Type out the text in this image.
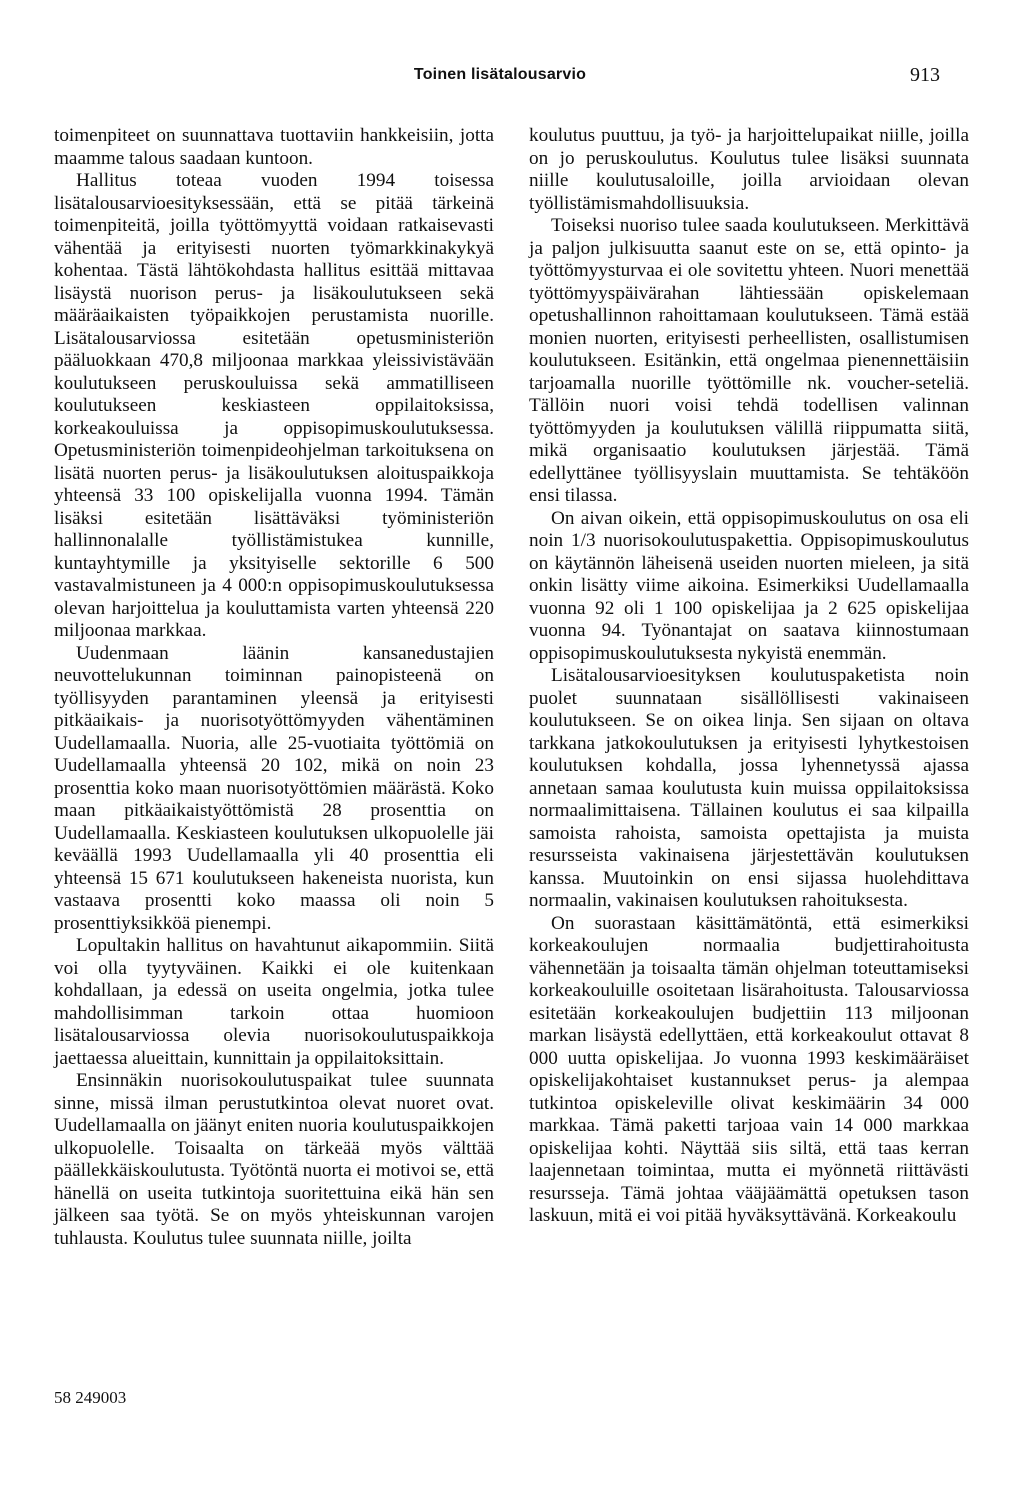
Toinen lisätalousarvio	913

toimenpiteet on suunnattava tuottaviin hankkeisiin, jotta maamme talous saadaan kuntoon.

Hallitus toteaa vuoden 1994 toisessa lisätalousarvioesityksessään, että se pitää tärkeinä toimenpiteitä, joilla työttömyyttä voidaan ratkaisevasti vähentää ja erityisesti nuorten työmarkkinakykyä kohentaa. Tästä lähtökohdasta hallitus esittää mittavaa lisäystä nuorison perus- ja lisäkoulutukseen sekä määräaikaisten työpaikkojen perustamista nuorille. Lisätalousarviossa esitetään opetusministeriön pääluokkaan 470,8 miljoonaa markkaa yleissivistävään koulutukseen peruskouluissa sekä ammatilliseen koulutukseen keskiasteen oppilaitoksissa, korkeakouluissa ja oppisopimuskoulutuksessa. Opetusministeriön toimenpideohjelman tarkoituksena on lisätä nuorten perus- ja lisäkoulutuksen aloituspaikkoja yhteensä 33 100 opiskelijalla vuonna 1994. Tämän lisäksi esitetään lisättäväksi työministeriön hallinnonalalle työllistämistukea kunnille, kuntayhtymille ja yksityiselle sektorille 6 500 vastavalmistuneen ja 4 000:n oppisopimuskoulutuksessa olevan harjoittelua ja kouluttamista varten yhteensä 220 miljoonaa markkaa.

Uudenmaan läänin kansanedustajien neuvottelukunnan toiminnan painopisteenä on työllisyyden parantaminen yleensä ja erityisesti pitkäaikais- ja nuorisotyöttömyyden vähentäminen Uudellamaalla. Nuoria, alle 25-vuotiaita työttömiä on Uudellamaalla yhteensä 20 102, mikä on noin 23 prosenttia koko maan nuorisotyöttömien määrästä. Koko maan pitkäaikaistyöttömistä 28 prosenttia on Uudellamaalla. Keskiasteen koulutuksen ulkopuolelle jäi keväällä 1993 Uudellamaalla yli 40 prosenttia eli yhteensä 15 671 koulutukseen hakeneista nuorista, kun vastaava prosentti koko maassa oli noin 5 prosenttiyksikköä pienempi.

Lopultakin hallitus on havahtunut aikapommiin. Siitä voi olla tyytyväinen. Kaikki ei ole kuitenkaan kohdallaan, ja edessä on useita ongelmia, jotka tulee mahdollisimman tarkoin ottaa huomioon lisätalousarviossa olevia nuorisokoulutuspaikkoja jaettaessa alueittain, kunnittain ja oppilaitoksittain.

Ensinnäkin nuorisokoulutuspaikat tulee suunnata sinne, missä ilman perustutkintoa olevat nuoret ovat. Uudellamaalla on jäänyt eniten nuoria koulutuspaikkojen ulkopuolelle. Toisaalta on tärkeää myös välttää päällekkäiskoulutusta. Työtöntä nuorta ei motivoi se, että hänellä on useita tutkintoja suoritettuina eikä hän sen jälkeen saa työtä. Se on myös yhteiskunnan varojen tuhlausta. Koulutus tulee suunnata niille, joilta

koulutus puuttuu, ja työ- ja harjoittelupaikat niille, joilla on jo peruskoulutus. Koulutus tulee lisäksi suunnata niille koulutusaloille, joilla arvioidaan olevan työllistämismahdollisuuksia.

Toiseksi nuoriso tulee saada koulutukseen. Merkittävä ja paljon julkisuutta saanut este on se, että opinto- ja työttömyysturvaa ei ole sovitettu yhteen. Nuori menettää työttömyyspäivärahan lähtiessään opiskelemaan opetushallinnon rahoittamaan koulutukseen. Tämä estää monien nuorten, erityisesti perheellisten, osallistumisen koulutukseen. Esitänkin, että ongelmaa pienennettäisiin tarjoamalla nuorille työttömille nk. voucher-seteliä. Tällöin nuori voisi tehdä todellisen valinnan työttömyyden ja koulutuksen välillä riippumatta siitä, mikä organisaatio koulutuksen järjestää. Tämä edellyttänee työllisyyslain muuttamista. Se tehtäköön ensi tilassa.

On aivan oikein, että oppisopimuskoulutus on osa eli noin 1/3 nuorisokoulutuspakettia. Oppisopimuskoulutus on käytännön läheisenä useiden nuorten mieleen, ja sitä onkin lisätty viime aikoina. Esimerkiksi Uudellamaalla vuonna 92 oli 1 100 opiskelijaa ja 2 625 opiskelijaa vuonna 94. Työnantajat on saatava kiinnostumaan oppisopimuskoulutuksesta nykyistä enemmän.

Lisätalousarvioesityksen koulutuspaketista noin puolet suunnataan sisällöllisesti vakinaiseen koulutukseen. Se on oikea linja. Sen sijaan on oltava tarkkana jatkokoulutuksen ja erityisesti lyhytkestoisen koulutuksen kohdalla, jossa lyhennetyssä ajassa annetaan samaa koulutusta kuin muissa oppilaitoksissa normaalimittaisena. Tällainen koulutus ei saa kilpailla samoista rahoista, samoista opettajista ja muista resursseista vakinaisena järjestettävän koulutuksen kanssa. Muutoinkin on ensi sijassa huolehdittava normaalin, vakinaisen koulutuksen rahoituksesta.

On suorastaan käsittämätöntä, että esimerkiksi korkeakoulujen normaalia budjettirahoitusta vähennetään ja toisaalta tämän ohjelman toteuttamiseksi korkeakouluille osoitetaan lisärahoitusta. Talousarviossa esitetään korkeakoulujen budjettiin 113 miljoonan markan lisäystä edellyttäen, että korkeakoulut ottavat 8 000 uutta opiskelijaa. Jo vuonna 1993 keskimääräiset opiskelijakohtaiset kustannukset perus- ja alempaa tutkintoa opiskeleville olivat keskimäärin 34 000 markkaa. Tämä paketti tarjoaa vain 14 000 markkaa opiskelijaa kohti. Näyttää siis siltä, että taas kerran laajennetaan toimintaa, mutta ei myönnetä riittävästi resursseja. Tämä johtaa vääjäämättä opetuksen tason laskuun, mitä ei voi pitää hyväksyttävänä. Korkeakoulu

58 249003
